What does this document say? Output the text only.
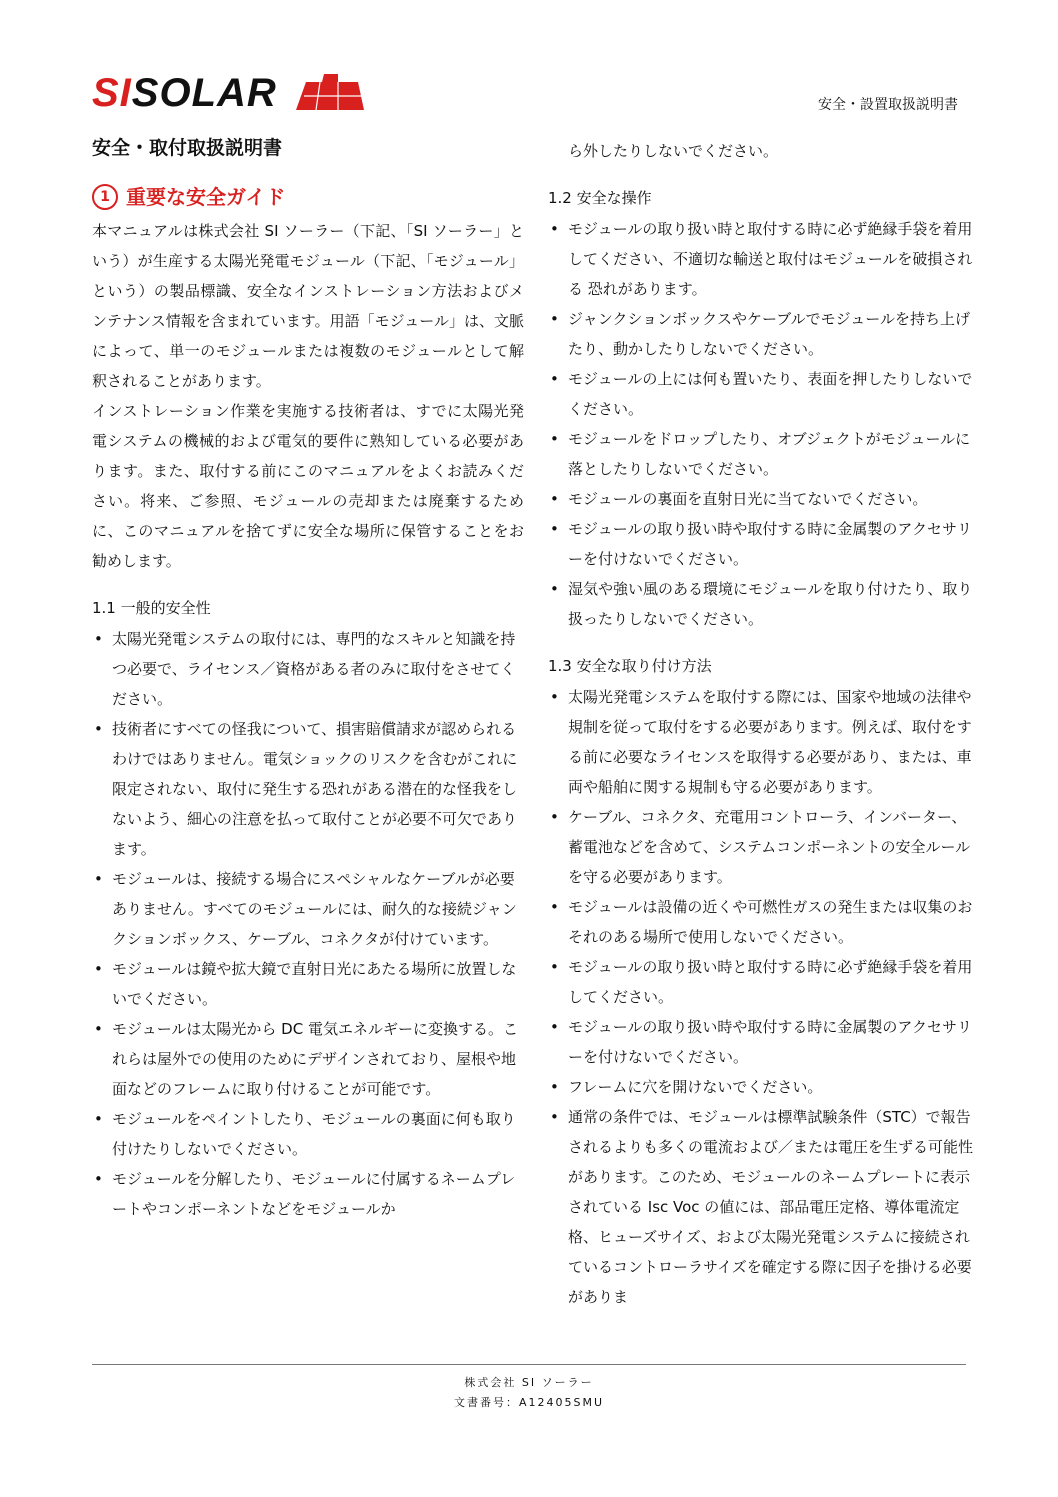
SISOLAR	安全・設置取扱説明書
安全・取付取扱説明書
1 重要な安全ガイド
本マニュアルは株式会社 SI ソーラー（下記、「SI ソーラー」という）が生産する太陽光発電モジュール（下記、「モジュール」という）の製品標識、安全なインストレーション方法およびメンテナンス情報を含まれています。用語「モジュール」は、文脈によって、単一のモジュールまたは複数のモジュールとして解釈されることがあります。
インストレーション作業を実施する技術者は、すでに太陽光発電システムの機械的および電気的要件に熟知している必要があります。また、取付する前にこのマニュアルをよくお読みください。将来、ご参照、モジュールの売却または廃棄するために、このマニュアルを捨てずに安全な場所に保管することをお勧めします。
1.1 一般的安全性
• 太陽光発電システムの取付には、専門的なスキルと知識を持つ必要で、ライセンス／資格がある者のみに取付をさせてください。
• 技術者にすべての怪我について、損害賠償請求が認められるわけではありません。電気ショックのリスクを含むがこれに限定されない、取付に発生する恐れがある潜在的な怪我をしないよう、細心の注意を払って取付ことが必要不可欠であります。
• モジュールは、接続する場合にスペシャルなケーブルが必要ありません。すべてのモジュールには、耐久的な接続ジャンクションボックス、ケーブル、コネクタが付けています。
• モジュールは鏡や拡大鏡で直射日光にあたる場所に放置しないでください。
• モジュールは太陽光から DC 電気エネルギーに変換する。これらは屋外での使用のためにデザインされており、屋根や地面などのフレームに取り付けることが可能です。
• モジュールをペイントしたり、モジュールの裏面に何も取り付けたりしないでください。
• モジュールを分解したり、モジュールに付属するネームプレートやコンポーネントなどをモジュールか
ら外したりしないでください。
1.2 安全な操作
• モジュールの取り扱い時と取付する時に必ず絶縁手袋を着用してください、不適切な輸送と取付はモジュールを破損される 恐れがあります。
• ジャンクションボックスやケーブルでモジュールを持ち上げたり、動かしたりしないでください。
• モジュールの上には何も置いたり、表面を押したりしないでください。
• モジュールをドロップしたり、オブジェクトがモジュールに落としたりしないでください。
• モジュールの裏面を直射日光に当てないでください。
• モジュールの取り扱い時や取付する時に金属製のアクセサリーを付けないでください。
• 湿気や強い風のある環境にモジュールを取り付けたり、取り扱ったりしないでください。
1.3 安全な取り付け方法
• 太陽光発電システムを取付する際には、国家や地域の法律や規制を従って取付をする必要があります。例えば、取付をする前に必要なライセンスを取得する必要があり、または、車両や船舶に関する規制も守る必要があります。
• ケーブル、コネクタ、充電用コントローラ、インバーター、蓄電池などを含めて、システムコンポーネントの安全ルールを守る必要があります。
• モジュールは設備の近くや可燃性ガスの発生または収集のおそれのある場所で使用しないでください。
• モジュールの取り扱い時と取付する時に必ず絶縁手袋を着用してください。
• モジュールの取り扱い時や取付する時に金属製のアクセサリーを付けないでください。
• フレームに穴を開けないでください。
• 通常の条件では、モジュールは標準試験条件（STC）で報告されるよりも多くの電流および／または電圧を生ずる可能性があります。このため、モジュールのネームプレートに表示されている Isc Voc の値には、部品電圧定格、導体電流定格、ヒューズサイズ、および太陽光発電システムに接続されているコントローラサイズを確定する際に因子を掛ける必要がありま
株式会社 SI ソーラー
文書番号：A12405SMU
